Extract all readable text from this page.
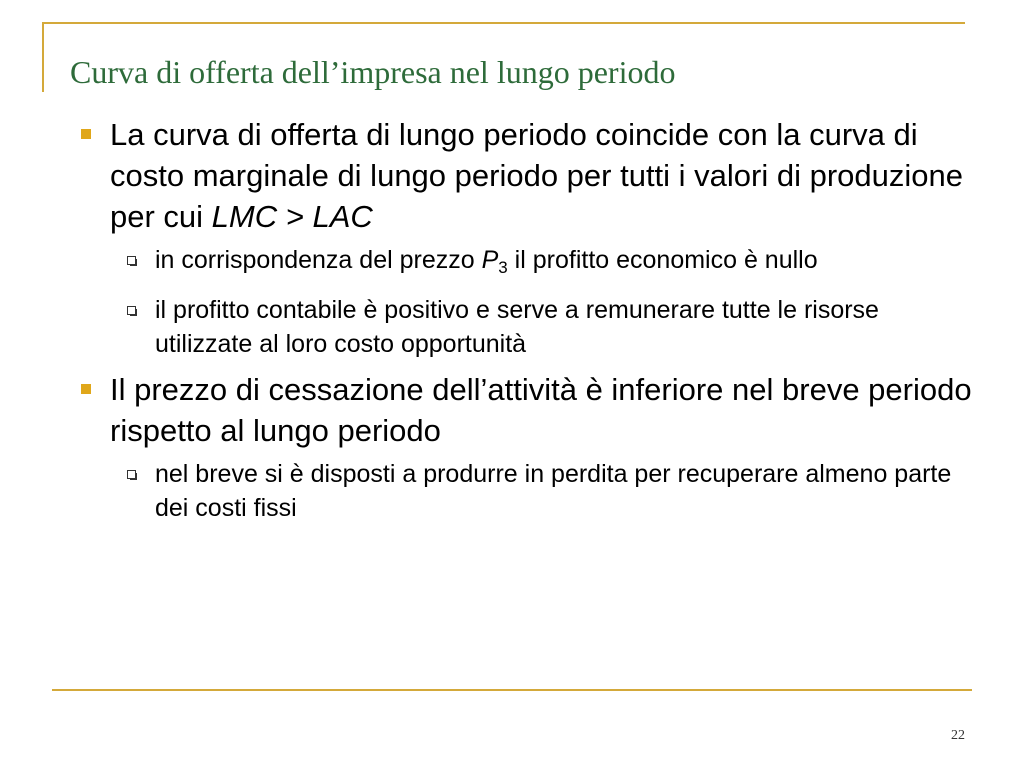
Curva di offerta dell’impresa nel lungo periodo
La curva di offerta di lungo periodo coincide con la curva di costo marginale di lungo periodo per tutti i valori di produzione per cui LMC > LAC
in corrispondenza del prezzo $P_3$ il profitto economico è nullo
il profitto contabile è positivo e serve a remunerare tutte le risorse utilizzate al loro costo opportunità
Il prezzo di cessazione dell’attività è inferiore nel breve periodo rispetto al lungo periodo
nel breve si è disposti a produrre in perdita per recuperare almeno parte dei costi fissi
22
